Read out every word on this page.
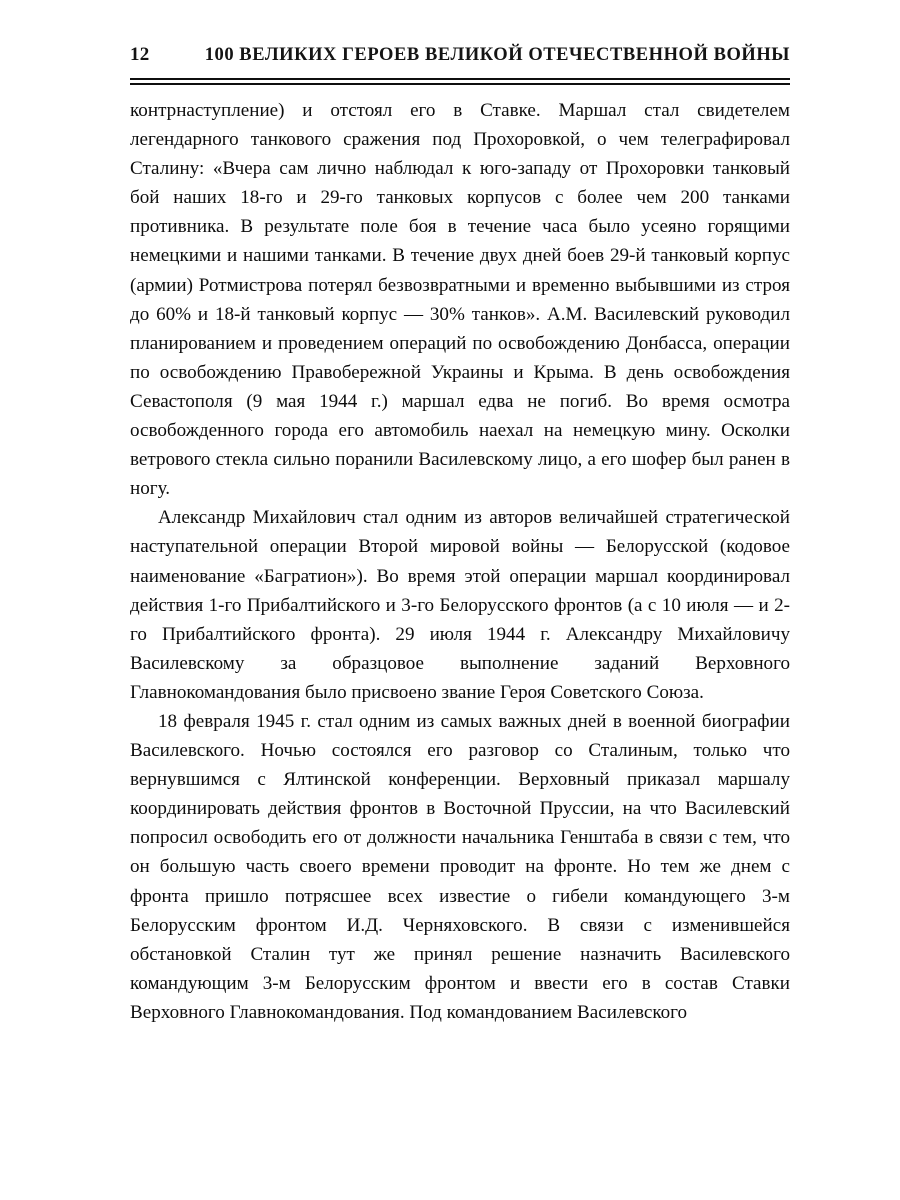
12	100 ВЕЛИКИХ ГЕРОЕВ ВЕЛИКОЙ ОТЕЧЕСТВЕННОЙ ВОЙНЫ

контрнаступление) и отстоял его в Ставке. Маршал стал свидетелем легендарного танкового сражения под Прохоровкой, о чем телеграфировал Сталину: «Вчера сам лично наблюдал к юго-западу от Прохоровки танковый бой наших 18-го и 29-го танковых корпусов с более чем 200 танками противника. В результате поле боя в течение часа было усеяно горящими немецкими и нашими танками. В течение двух дней боев 29-й танковый корпус (армии) Ротмистрова потерял безвозвратными и временно выбывшими из строя до 60% и 18-й танковый корпус — 30% танков». А.М. Василевский руководил планированием и проведением операций по освобождению Донбасса, операции по освобождению Правобережной Украины и Крыма. В день освобождения Севастополя (9 мая 1944 г.) маршал едва не погиб. Во время осмотра освобожденного города его автомобиль наехал на немецкую мину. Осколки ветрового стекла сильно поранили Василевскому лицо, а его шофер был ранен в ногу.

Александр Михайлович стал одним из авторов величайшей стратегической наступательной операции Второй мировой войны — Белорусской (кодовое наименование «Багратион»). Во время этой операции маршал координировал действия 1-го Прибалтийского и 3-го Белорусского фронтов (а с 10 июля — и 2-го Прибалтийского фронта). 29 июля 1944 г. Александру Михайловичу Василевскому за образцовое выполнение заданий Верховного Главнокомандования было присвоено звание Героя Советского Союза.

18 февраля 1945 г. стал одним из самых важных дней в военной биографии Василевского. Ночью состоялся его разговор со Сталиным, только что вернувшимся с Ялтинской конференции. Верховный приказал маршалу координировать действия фронтов в Восточной Пруссии, на что Василевский попросил освободить его от должности начальника Генштаба в связи с тем, что он большую часть своего времени проводит на фронте. Но тем же днем с фронта пришло потрясшее всех известие о гибели командующего 3-м Белорусским фронтом И.Д. Черняховского. В связи с изменившейся обстановкой Сталин тут же принял решение назначить Василевского командующим 3-м Белорусским фронтом и ввести его в состав Ставки Верховного Главнокомандования. Под командованием Василевского
